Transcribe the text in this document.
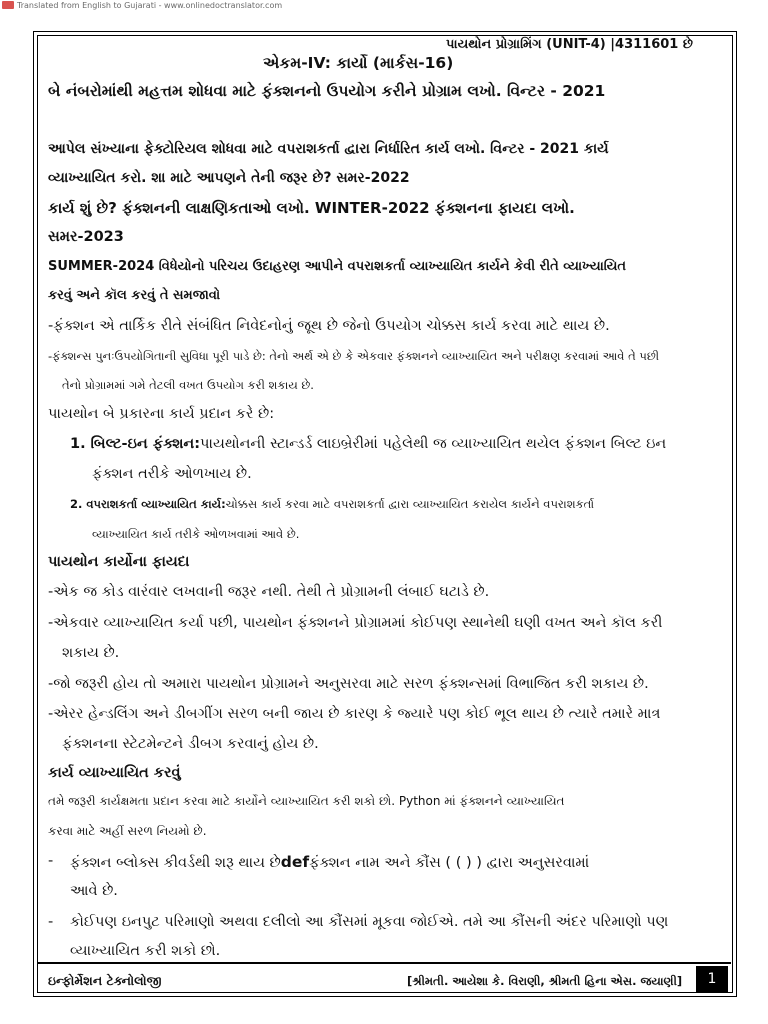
Translated from English to Gujarati - www.onlinedoctranslator.com
પાયથોન પ્રોગ્રામિંગ (UNIT-4) |4311601 છે
એકમ-IV: કાર્યો (માર્કસ-16)
બે નંબરોમાંથી મહત્તમ શોધવા માટે ફંક્શનનો ઉપયોગ કરીને પ્રોગ્રામ લખો. વિન્ટર - 2021
આપેલ સંખ્યાના ફેક્ટોરિયલ શોધવા માટે વપરાશકર્તા દ્વારા નિર્ધારિત કાર્ય લખો. વિન્ટર - 2021 કાર્ય
વ્યાખ્યાયિત કરો. શા માટે આપણને તેની જરૂર છે? સમર-2022
કાર્ય શું છે? ફંક્શનની લાક્ષણિકતાઓ લખો. WINTER-2022 ફંક્શનના ફાયદા લખો.
સમર-2023
SUMMER-2024 વિધેયોનો પરિચય ઉદાહરણ આપીને વપરાશકર્તા વ્યાખ્યાયિત કાર્યને કેવી રીતે વ્યાખ્યાયિત
કરવું અને કૉલ કરવું તે સમજાવો
-ફંક્શન એ તાર્કિક રીતે સંબંધિત નિવેદનોનું જૂથ છે જેનો ઉપયોગ ચોક્કસ કાર્ય કરવા માટે થાય છે.
-ફંક્શન્સ પુનઃઉપયોગિતાની સુવિધા પૂરી પાડે છે: તેનો અર્થ એ છે કે એકવાર ફંક્શનને વ્યાખ્યાયિત અને પરીક્ષણ કરવામાં આવે તે પછી
તેનો પ્રોગ્રામમાં ગમે તેટલી વખત ઉપયોગ કરી શકાય છે.
પાયથોન બે પ્રકારના કાર્ય પ્રદાન કરે છે:
1. બિલ્ટ-ઇન ફંક્શન:પાયથોનની સ્ટાન્ડર્ડ લાઇબ્રેરીમાં પહેલેથી જ વ્યાખ્યાયિત થયેલ ફંક્શન બિલ્ટ ઇન
ફંક્શન તરીકે ઓળખાય છે.
2. વપરાશકર્તા વ્યાખ્યાયિત કાર્ય:ચોક્કસ કાર્ય કરવા માટે વપરાશકર્તા દ્વારા વ્યાખ્યાયિત કરાયેલ કાર્યને વપરાશકર્તા
વ્યાખ્યાયિત કાર્ય તરીકે ઓળખવામાં આવે છે.
પાયથોન કાર્યોના ફાયદા
-એક જ કોડ વારંવાર લખવાની જરૂર નથી. તેથી તે પ્રોગ્રામની લંબાઈ ઘટાડે છે.
-એકવાર વ્યાખ્યાયિત કર્યા પછી, પાયથોન ફંક્શનને પ્રોગ્રામમાં કોઈપણ સ્થાનેથી ઘણી વખત અને કૉલ કરી
શકાય છે.
-જો જરૂરી હોય તો અમારા પાયથોન પ્રોગ્રામને અનુસરવા માટે સરળ ફંક્શન્સમાં વિભાજિત કરી શકાય છે.
-એરર હેન્ડલિંગ અને ડીબગીંગ સરળ બની જાય છે કારણ કે જ્યારે પણ કોઈ ભૂલ થાય છે ત્યારે તમારે માત્ર
ફંક્શનના સ્ટેટમેન્ટને ડીબગ કરવાનું હોય છે.
કાર્ય વ્યાખ્યાયિત કરવું
તમે જરૂરી કાર્યક્ષમતા પ્રદાન કરવા માટે કાર્યોને વ્યાખ્યાયિત કરી શકો છો. Python માં ફંક્શનને વ્યાખ્યાયિત
કરવા માટે અહીં સરળ નિયમો છે.
- ફંક્શન બ્લોક્સ કીવર્ડથી શરૂ થાય છેdefફંક્શન નામ અને કૌંસ ( ( ) ) દ્વારા અનુસરવામાં
આવે છે.
- કોઈપણ ઇનપુટ પરિમાણો અથવા દલીલો આ કૌંસમાં મૂકવા જોઈએ. તમે આ કૌંસની અંદર પરિમાણો પણ
વ્યાખ્યાયિત કરી શકો છો.
ઇન્ફોર્મેશન ટેક્નોલોજી	[શ્રીમતી. આયેશા કે. વિરાણી, શ્રીમતી હિના એસ. જયાણી]	1
